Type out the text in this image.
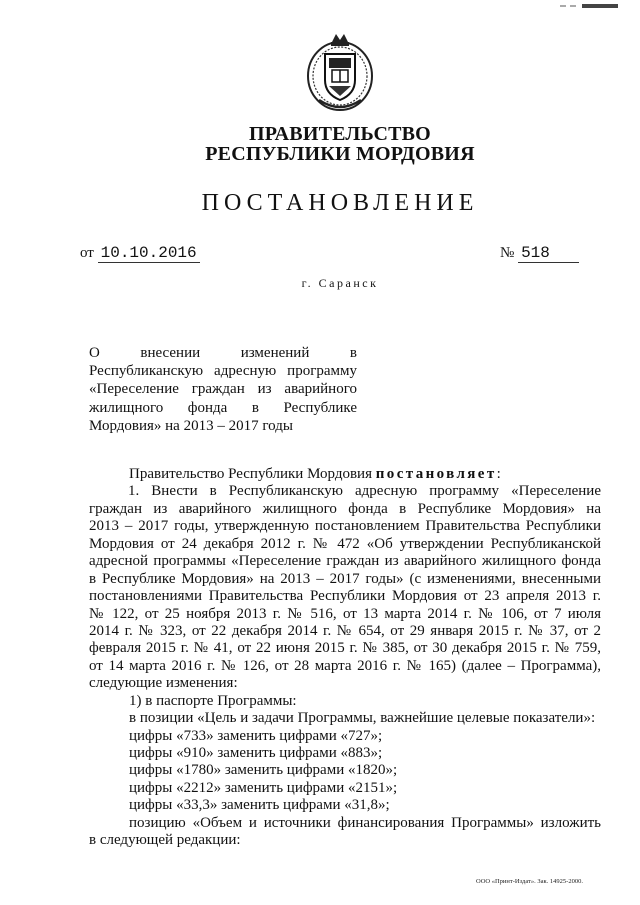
ПРАВИТЕЛЬСТВО
РЕСПУБЛИКИ МОРДОВИЯ
ПОСТАНОВЛЕНИЕ
от 10.10.2016	№ 518
г. Саранск
О внесении изменений в
Республиканскую адресную программу
«Переселение граждан из аварийного
жилищного фонда в Республике
Мордовия» на 2013 – 2017 годы
Правительство Республики Мордовия постановляет:
1. Внести в Республиканскую адресную программу «Переселение
граждан из аварийного жилищного фонда в Республике Мордовия» на
2013 – 2017 годы, утвержденную постановлением Правительства Республики
Мордовия от 24 декабря 2012 г. № 472 «Об утверждении Республиканской
адресной программы «Переселение граждан из аварийного жилищного фонда
в Республике Мордовия» на 2013 – 2017 годы» (с изменениями, внесенными
постановлениями Правительства Республики Мордовия от 23 апреля 2013 г.
№ 122, от 25 ноября 2013 г. № 516, от 13 марта 2014 г. № 106, от 7 июля
2014 г. № 323, от 22 декабря 2014 г. № 654, от 29 января 2015 г. № 37, от 2
февраля 2015 г. № 41, от 22 июня 2015 г. № 385, от 30 декабря 2015 г. № 759,
от 14 марта 2016 г. № 126, от 28 марта 2016 г. № 165) (далее – Программа),
следующие изменения:
1) в паспорте Программы:
в позиции «Цель и задачи Программы, важнейшие целевые показатели»:
цифры «733» заменить цифрами «727»;
цифры «910» заменить цифрами «883»;
цифры «1780» заменить цифрами «1820»;
цифры «2212» заменить цифрами «2151»;
цифры «33,3» заменить цифрами «31,8»;
позицию «Объем и источники финансирования Программы» изложить
в следующей редакции:
ООО «Принт-Издат». Зак. 14925-2000.
